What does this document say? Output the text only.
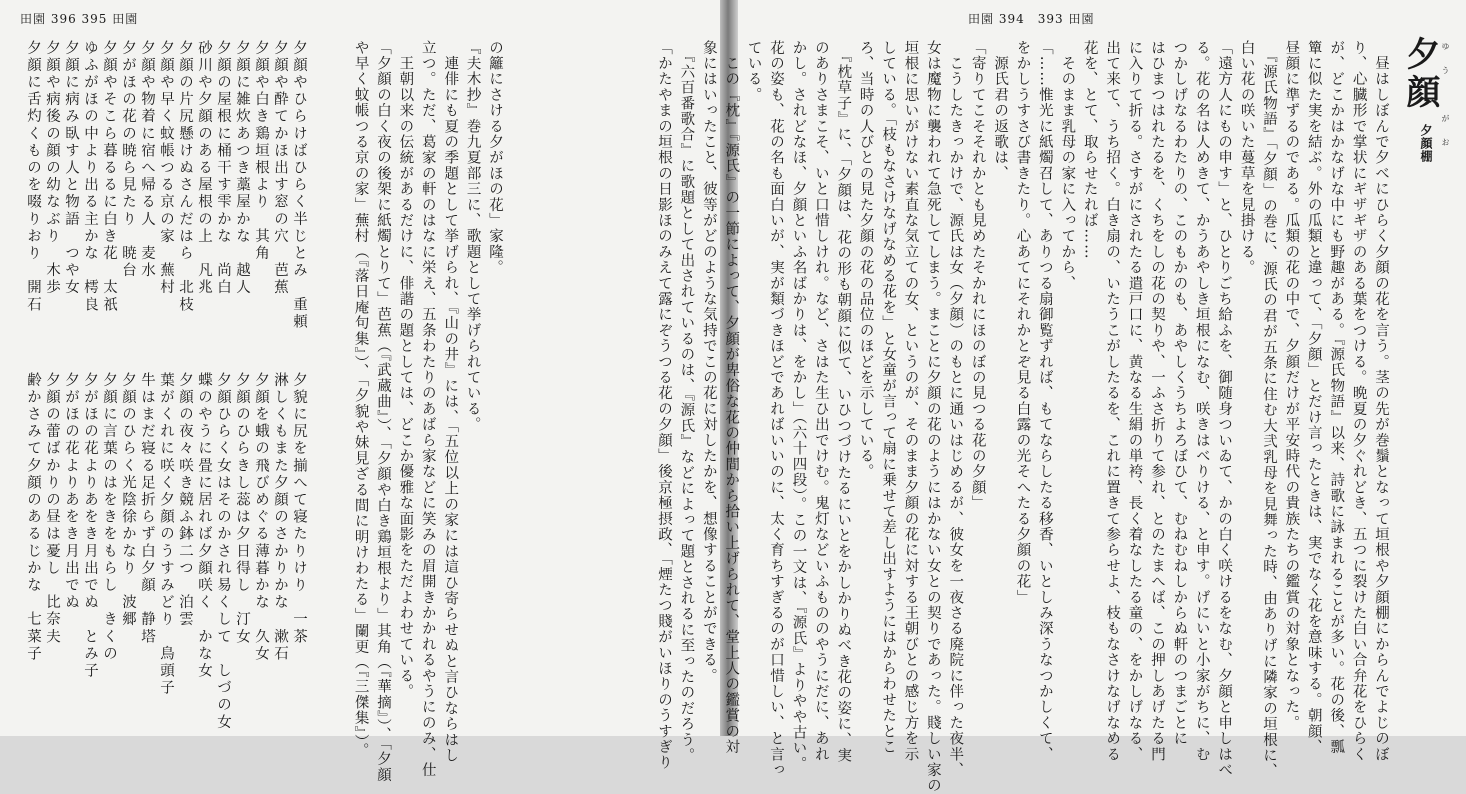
田園 396 395 田園
の籬にさける夕がほの花」家隆。
『夫木抄』巻九夏部三に、歌題として挙げられている。
　連俳にも夏の季題として挙げられ、『山の井』には、「五位以上の家には這ひ寄らせぬと言ひならはし
立つ。ただ、葛家の軒のはなに栄え、五条わたりのあばら家などに笑みの眉開きかかれるやうにのみ、仕
　王朝以来の伝統があるだけに、俳諧の題としては、どこか優雅な面影をただよわせている。
「夕顔の白く夜の後架に紙燭とりて」芭蕉（『武蔵曲』）、「夕顔や白き鶏垣根より」其角（『華摘』）、「夕顔
や早く蚊帳つる京の家」蕪村（『落日庵句集』）、「夕貌や妹見ざる間に明けわたる」闌更（『三傑集』）。
夕顔やひらけばひらく半じとみ　重頼
夕顔や酔てかほ出す窓の穴　芭蕉
夕顔や白き鶏垣根より　其角
夕顔に雑炊あつき藁屋かな　越人
夕顔の屋根に桶干す雫かな　尚白
砂川や夕顔のある屋根の上　凡兆
夕顔の片尻懸けぬさんだはら　北枝
夕顔や早く蚊帳つる京の家　蕪村
夕顔や物着に宿へ帰る人　麦水
夕がほの花の暁ら見たり　暁台
夕顔やそこら暮るるに白き花　太祇
ゆふがほの中より出る主かな　樗良
夕顔に病み臥す人と物語　つや女
夕顔や病後の顔の幼なぶり　木歩
夕顔に舌灼くものを啜りおり　開石
夕貌に尻を揃へて寝たりけり　一茶
淋しくもまた夕顔のさかりかな　漱石
夕顔を蛾の飛びめぐる薄暮かな　久女
夕顔のひらきし蕊は夕日得し　汀女
夕顔ひらく女はそのかされ易くして　しづの女
蝶のやうに畳に居れば夕顔咲く　かな女
夕顔の夜々咲き競ふ鉢二つ　泊雲
葉がくれに咲く夕顔のうすみどり　鳥頭子
牛はまだ寝る足折らず白夕顔　静塔
夕顔のひらく光陰徐かなり　波郷
夕顔に言葉のはをきをもらし　きくの
夕がほの花よりあをき月出でぬ　とみ子
夕がほの花よりあをき月出でぬ
夕顔の蕾ばかりの昼は憂し　比奈夫
齢かさみて夕顔のあるじかな　七菜子
田園 394　393 田園
夕顔 ゆう　がお
夕顔棚
　昼はしぼんで夕べにひらく夕顔の花を言う。茎の先が巻鬚となって垣根や夕顔棚にからんでよじのぼ
り、心臓形で掌状にギザギザのある葉をつける。晩夏の夕ぐれどき、五つに裂けた白い合弁花をひらく
が、どこかはかなげな中にも野趣がある。『源氏物語』以来、詩歌に詠まれることが多い。花の後、瓢
簞に似た実を結ぶ。外の瓜類と違って、「夕顔」とだけ言ったときは、実でなく花を意味する。朝顔、
昼顔に準ずるのである。瓜類の花の中で、夕顔だけが平安時代の貴族たちの鑑賞の対象となった。
　『源氏物語』「夕顔」の巻に、源氏の君が五条に住む大弐乳母を見舞った時、由ありげに隣家の垣根に、
白い花の咲いた蔓草を見掛ける。
「遠方人にもの申す」と、ひとりごち給ふを、御随身ついゐて、かの白く咲けるをなむ、夕顔と申しはべ
る。花の名は人めきて、かうあやしき垣根になむ、咲きはべりける、と申す。げにいと小家がちに、む
つかしげなるわたりの、このもかのも、あやしくうちよろぼひて、むねむねしからぬ軒のつまごとに
はひまつはれたるを、くちをしの花の契りや、一ふさ折りて参れ、とのたまへば、この押しあげたる門
に入りて折る。さすがにされたる遣戸口に、黄なる生絹の単袴、長く着なしたる童の、をかしげなる、
出て来て、うち招く。白き扇の、いたうこがしたるを、これに置きて参らせよ、枝もなさけなげなめる
花を、とて、取らせたれば……
　そのまま乳母の家に入ってから、
「……惟光に紙燭召して、ありつる扇御覧ずれば、もてならしたる移香、いとしみ深うなつかしくて、
をかしうすさび書きたり。心あてにそれかとぞ見る白露の光そへたる夕顔の花」
　源氏君の返歌は、
「寄りてこそそれかとも見めたそかれにほのぼの見つる花の夕顔」
　こうしたきっかけで、源氏は女（夕顔）のもとに通いはじめるが、彼女を一夜さる廃院に伴った夜半、
女は魔物に襲われて急死してしまう。まことに夕顔の花のようにはかない女との契りであった。賤しい家の
垣根に思いがけない素直な気立ての女、というのが、そのまま夕顔の花に対する王朝びとの感じ方を示
している。「枝もなさけなげなめる花を」と女童が言って扇に乗せて差し出すようにはからわせたとこ
ろ、当時の人びとの見た夕顔の花の品位のほどを示している。
　『枕草子』に、「夕顔は、花の形も朝顔に似て、いひつづけたるにいとをかしかりぬべき花の姿に、実
のありさまこそ、いと口惜しけれ。など、さはた生ひ出でけむ。鬼灯などいふもののやうにだに、あれ
かし。されどなほ、夕顔といふ名ばかりは、をかし」（六十四段）。この一文は、『源氏』よりやや古い。
花の姿も、花の名も面白いが、実が類づきほどであればいいのに、太く育ちすぎるのが口惜しい、と言っ
ている。
　この『枕』『源氏』の一節によって、夕顔が卑俗な花の仲間から拾い上げられて、堂上人の鑑賞の対
象にはいったこと、彼等がどのような気持でこの花に対したかを、想像することができる。
　『六百番歌合』に歌題として出されているのは、『源氏』などによって題とされるに至ったのだろう。
「かたやまの垣根の日影ほのみえて露にぞうつる花の夕顔」後京極摂政、「煙たつ賤がいほりのうすぎり
